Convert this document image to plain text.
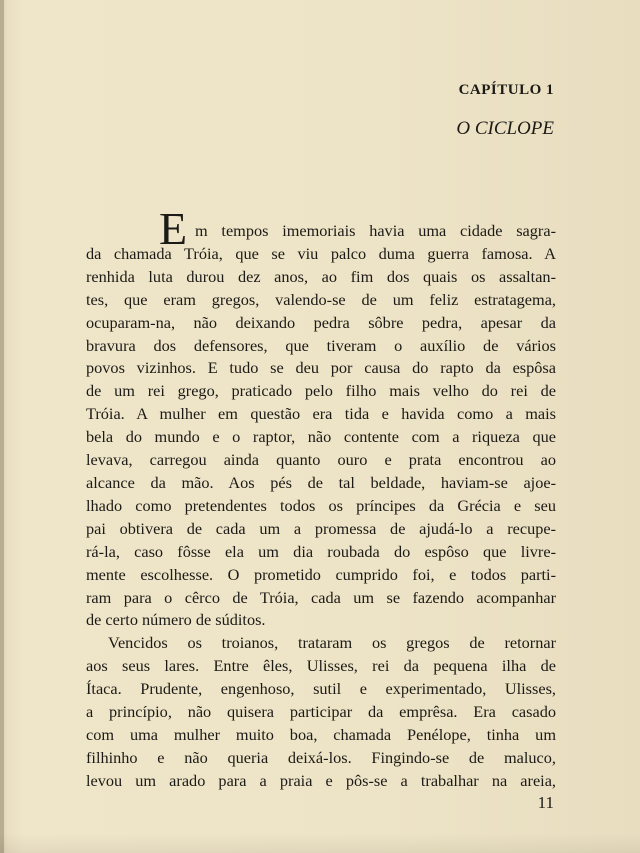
CAPÍTULO 1
O CICLOPE

E m tempos imemoriais havia uma cidade sagra-
da chamada Tróia, que se viu palco duma guerra famosa. A
renhida luta durou dez anos, ao fim dos quais os assaltan-
tes, que eram gregos, valendo-se de um feliz estratagema,
ocuparam-na, não deixando pedra sôbre pedra, apesar da
bravura dos defensores, que tiveram o auxílio de vários
povos vizinhos. E tudo se deu por causa do rapto da espôsa
de um rei grego, praticado pelo filho mais velho do rei de
Tróia. A mulher em questão era tida e havida como a mais
bela do mundo e o raptor, não contente com a riqueza que
levava, carregou ainda quanto ouro e prata encontrou ao
alcance da mão. Aos pés de tal beldade, haviam-se ajoe-
lhado como pretendentes todos os príncipes da Grécia e seu
pai obtivera de cada um a promessa de ajudá-lo a recupe-
rá-la, caso fôsse ela um dia roubada do espôso que livre-
mente escolhesse. O prometido cumprido foi, e todos parti-
ram para o cêrco de Tróia, cada um se fazendo acompanhar
de certo número de súditos.

Vencidos os troianos, trataram os gregos de retornar
aos seus lares. Entre êles, Ulisses, rei da pequena ilha de
Ítaca. Prudente, engenhoso, sutil e experimentado, Ulisses,
a princípio, não quisera participar da emprêsa. Era casado
com uma mulher muito boa, chamada Penélope, tinha um
filhinho e não queria deixá-los. Fingindo-se de maluco,
levou um arado para a praia e pôs-se a trabalhar na areia,

11
